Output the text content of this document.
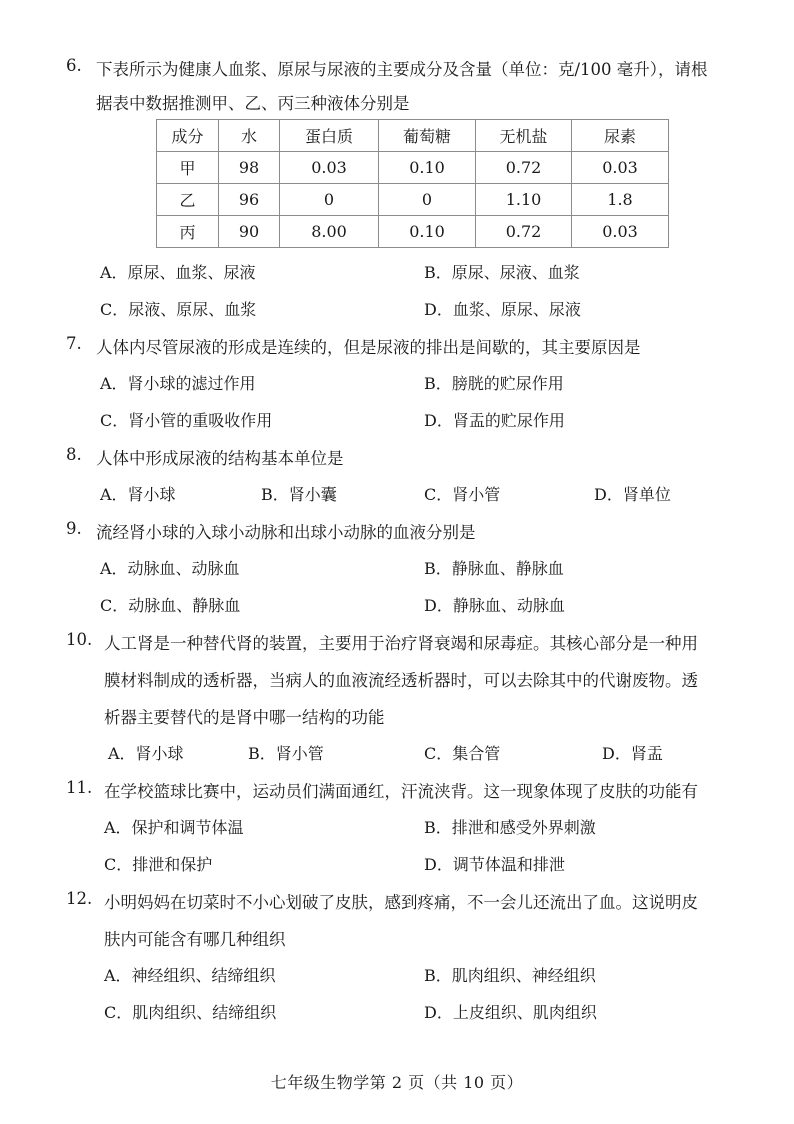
6. 下表所示为健康人血浆、原尿与尿液的主要成分及含量（单位：克/100 毫升），请根
据表中数据推测甲、乙、丙三种液体分别是
成分	水	蛋白质	葡萄糖	无机盐	尿素
甲	98	0.03	0.10	0.72	0.03
乙	96	0	0	1.10	1.8
丙	90	8.00	0.10	0.72	0.03
A．原尿、血浆、尿液	B．原尿、尿液、血浆
C．尿液、原尿、血浆	D．血浆、原尿、尿液
7. 人体内尽管尿液的形成是连续的，但是尿液的排出是间歇的，其主要原因是
A．肾小球的滤过作用	B．膀胱的贮尿作用
C．肾小管的重吸收作用	D．肾盂的贮尿作用
8. 人体中形成尿液的结构基本单位是
A．肾小球	B．肾小囊	C．肾小管	D．肾单位
9. 流经肾小球的入球小动脉和出球小动脉的血液分别是
A．动脉血、动脉血	B．静脉血、静脉血
C．动脉血、静脉血	D．静脉血、动脉血
10. 人工肾是一种替代肾的装置，主要用于治疗肾衰竭和尿毒症。其核心部分是一种用
膜材料制成的透析器，当病人的血液流经透析器时，可以去除其中的代谢废物。透
析器主要替代的是肾中哪一结构的功能
A．肾小球	B．肾小管	C．集合管	D．肾盂
11. 在学校篮球比赛中，运动员们满面通红，汗流浃背。这一现象体现了皮肤的功能有
A．保护和调节体温	B．排泄和感受外界刺激
C．排泄和保护	D．调节体温和排泄
12. 小明妈妈在切菜时不小心划破了皮肤，感到疼痛，不一会儿还流出了血。这说明皮
肤内可能含有哪几种组织
A．神经组织、结缔组织	B．肌肉组织、神经组织
C．肌肉组织、结缔组织	D．上皮组织、肌肉组织
七年级生物学第 2 页（共 10 页）
